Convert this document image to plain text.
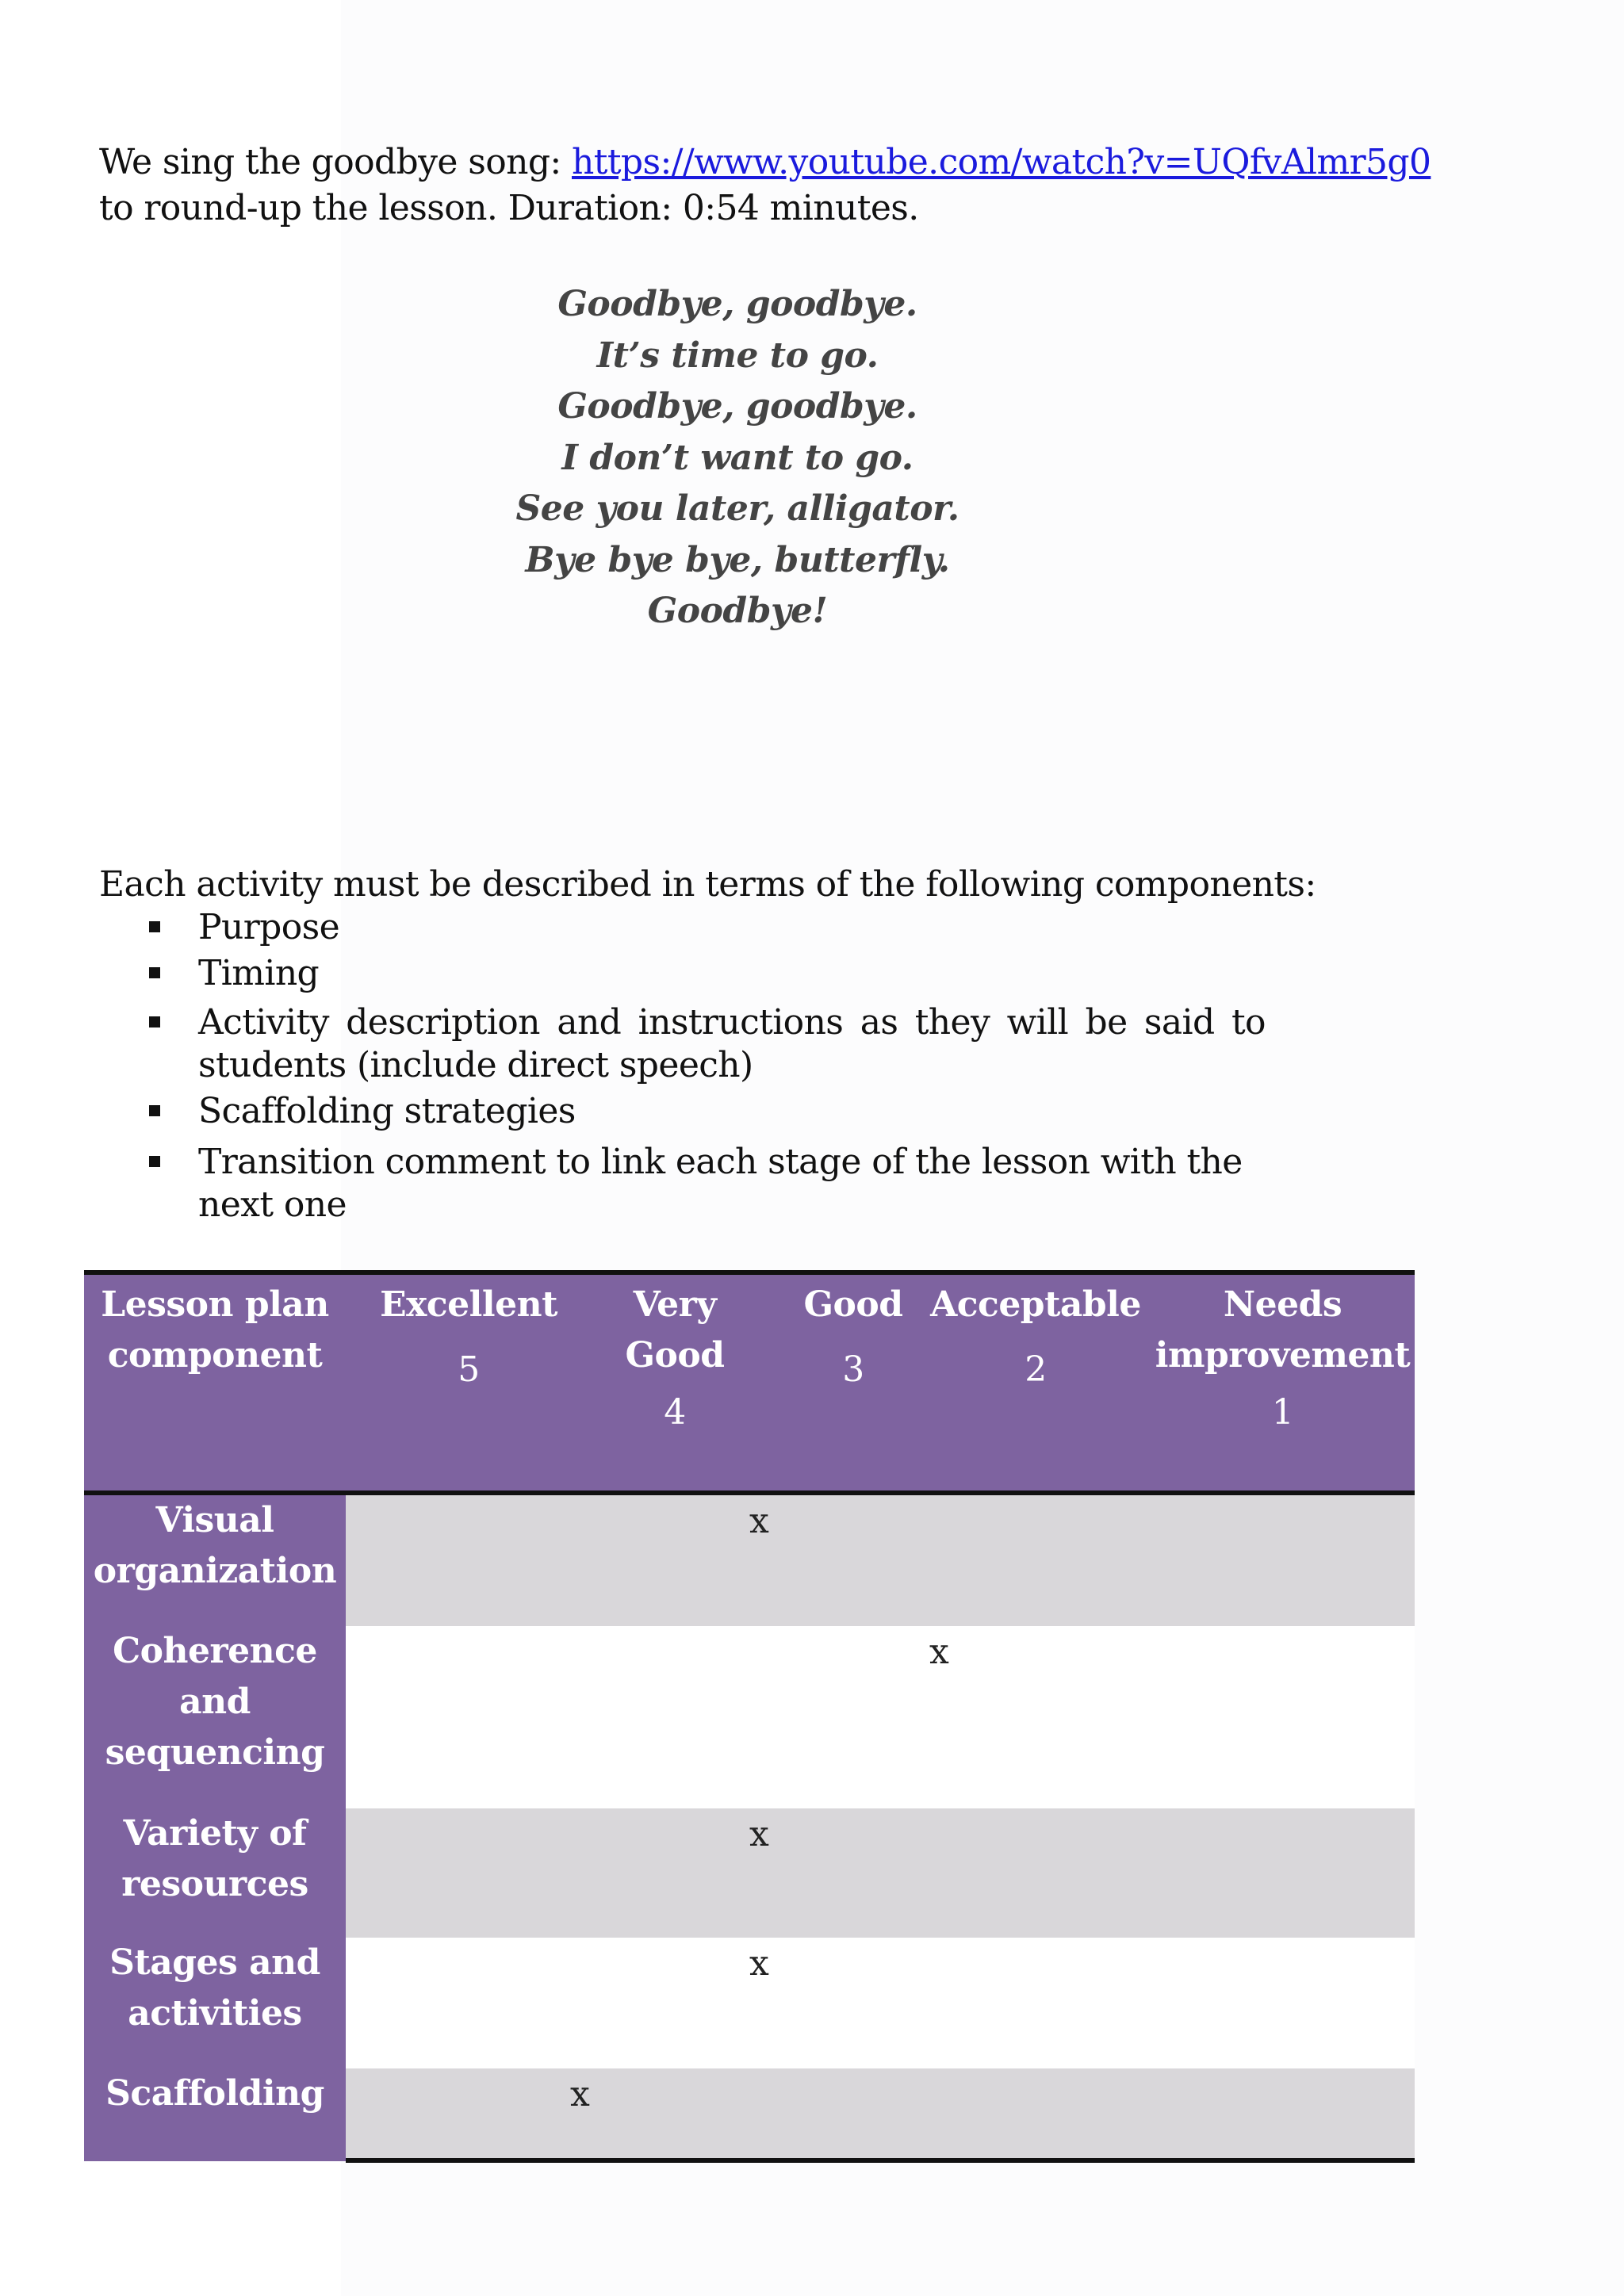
We sing the goodbye song: https://www.youtube.com/watch?v=UQfvAlmr5g0
to round-up the lesson. Duration: 0:54 minutes.
Goodbye, goodbye.
It’s time to go.
Goodbye, goodbye.
I don’t want to go.
See you later, alligator.
Bye bye bye, butterfly.
Goodbye!
Each activity must be described in terms of the following components:
Purpose
Timing
Activity description and instructions as they will be said to
students (include direct speech)
Scaffolding strategies
Transition comment to link each stage of the lesson with the next one
Lesson plan
component
Excellent
5
Very
Good
4
Good
3
Acceptable
2
Needs
improvement
1
Visual
organization
x
Coherence
and
sequencing
x
Variety of
resources
x
Stages and
activities
x
Scaffolding	x
